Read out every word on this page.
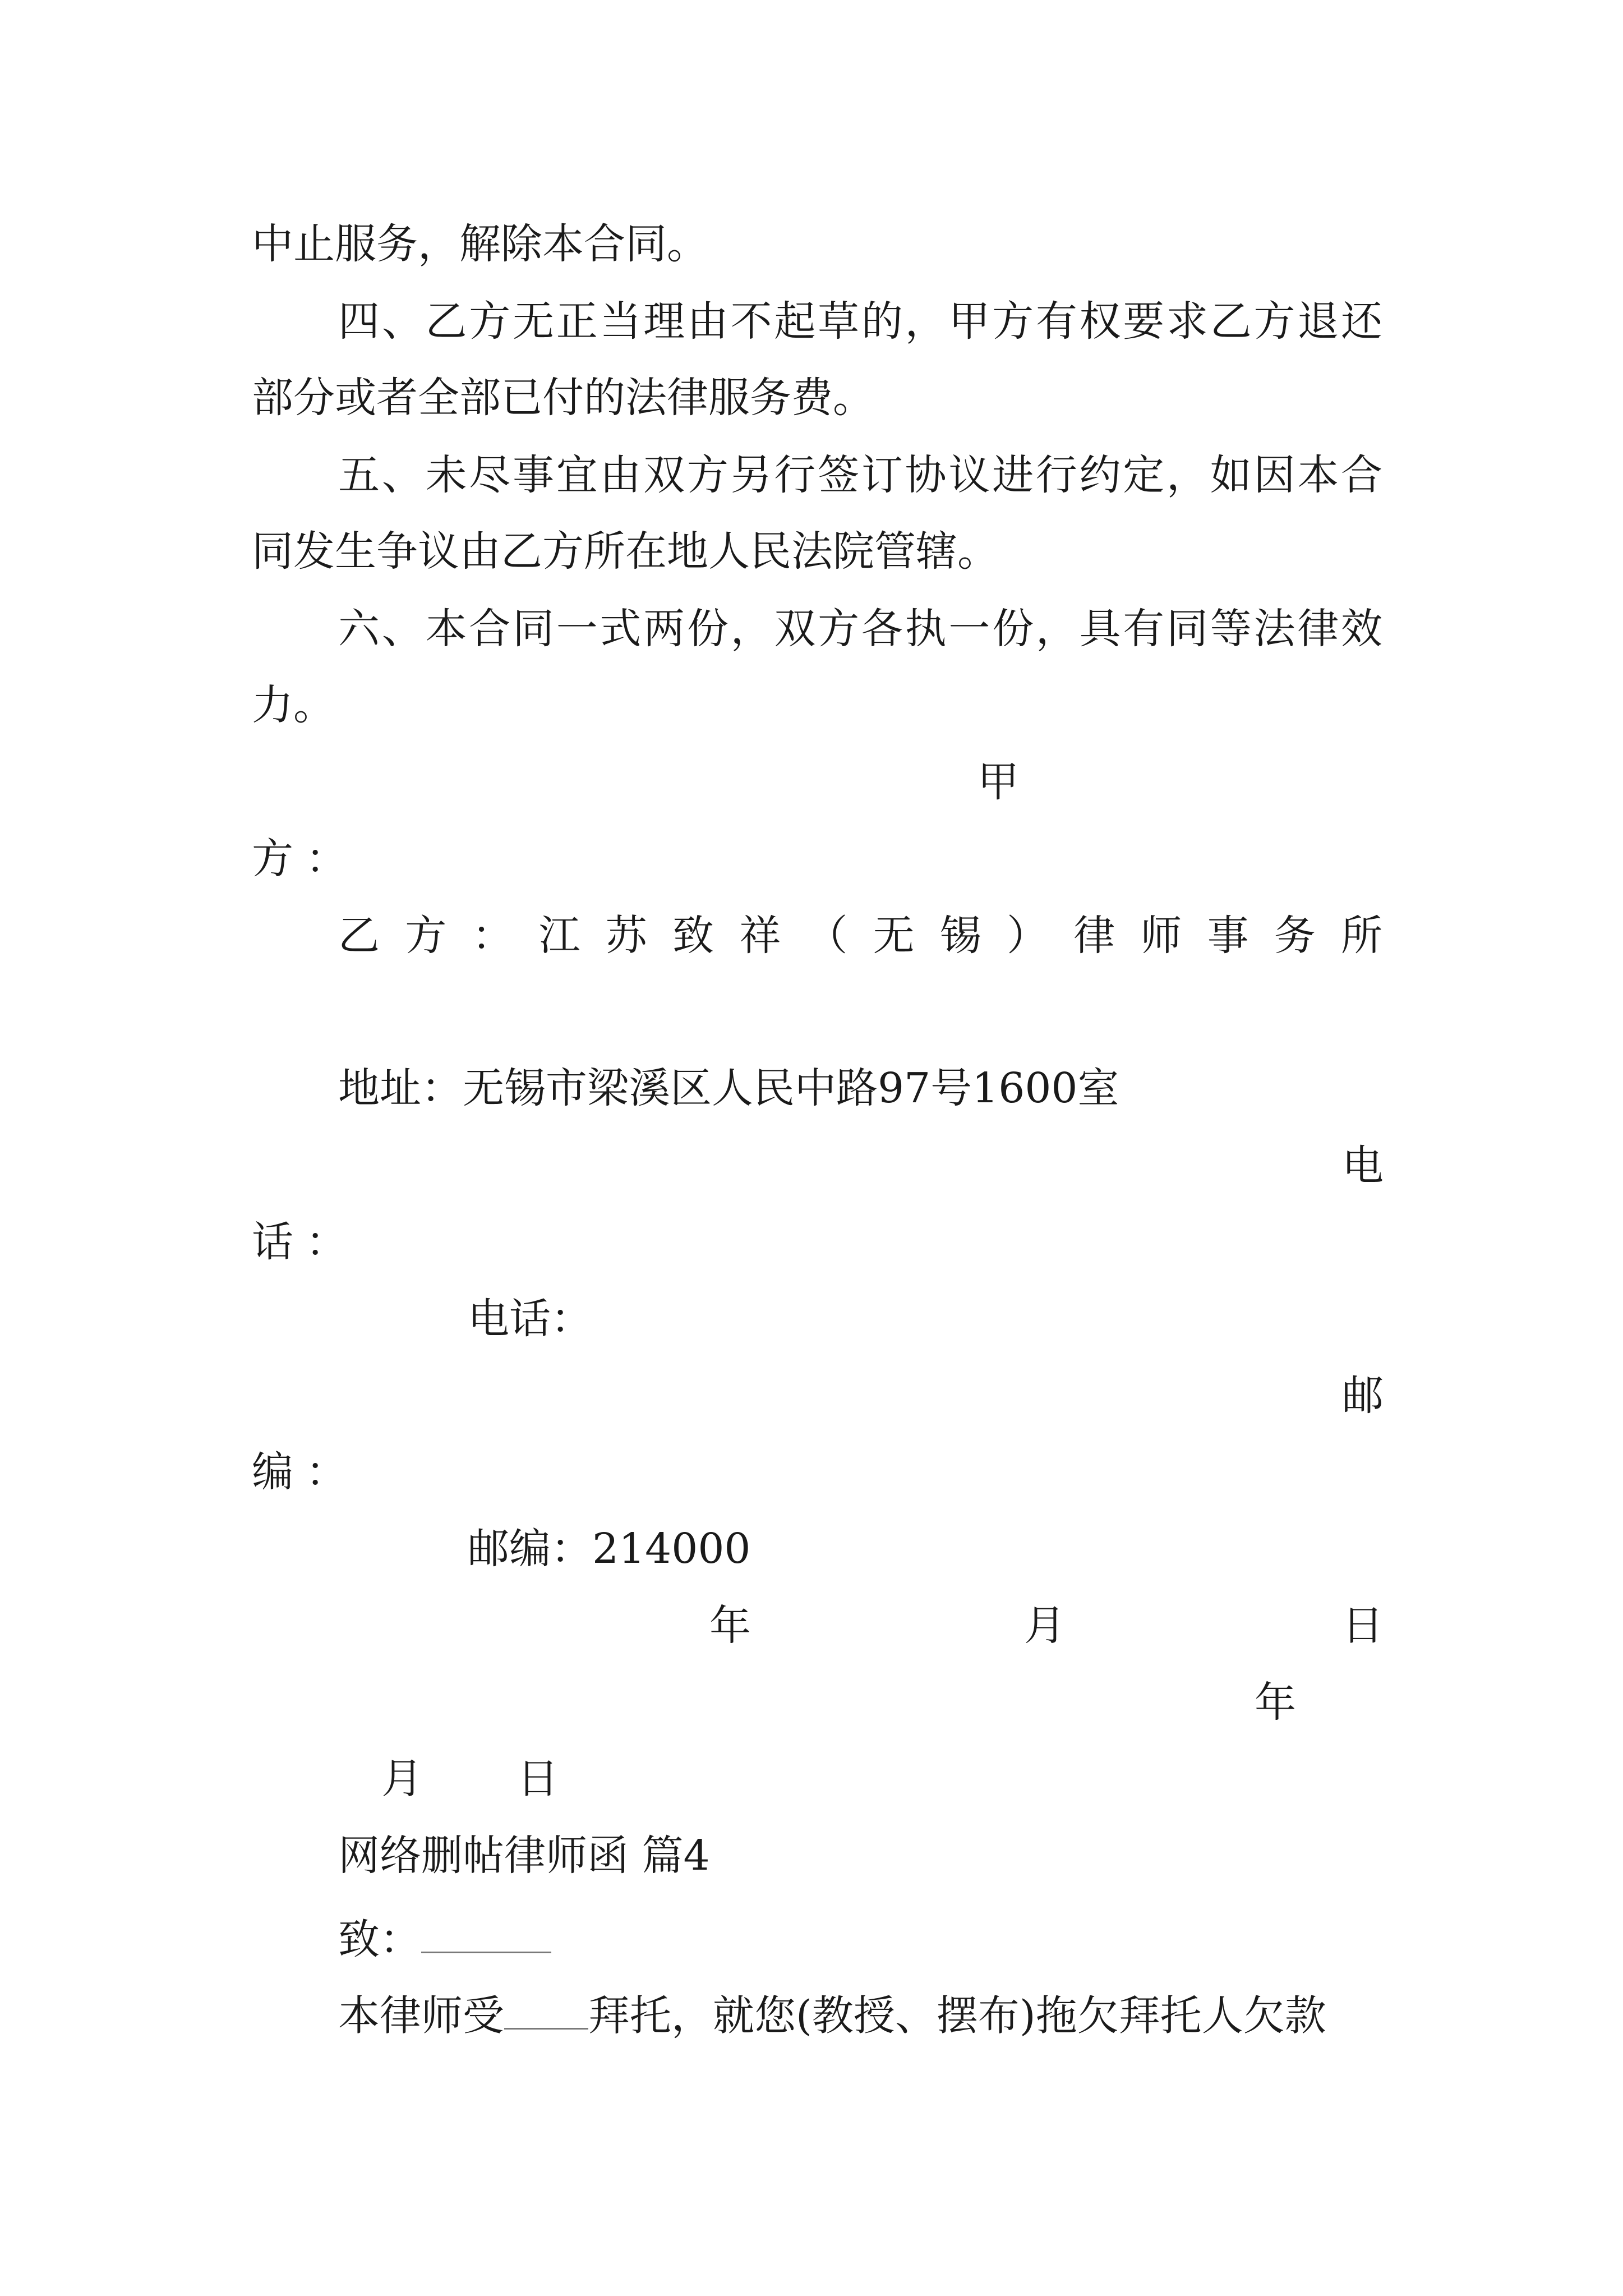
中止服务，解除本合同。
四、乙方无正当理由不起草的，甲方有权要求乙方退还
部分或者全部已付的法律服务费。
五、未尽事宜由双方另行签订协议进行约定，如因本合
同发生争议由乙方所在地人民法院管辖。
六、本合同一式两份，双方各执一份，具有同等法律效
力。
甲
方：
乙方：江苏致祥（无锡）律师事务所
地址：无锡市梁溪区人民中路97号1600室
电
话：
电话：
邮
编：
邮编：214000
年	月	日
年
月 日
网络删帖律师函 篇4
致：
本律师受 拜托，就您(教授、摆布)拖欠拜托人欠款
